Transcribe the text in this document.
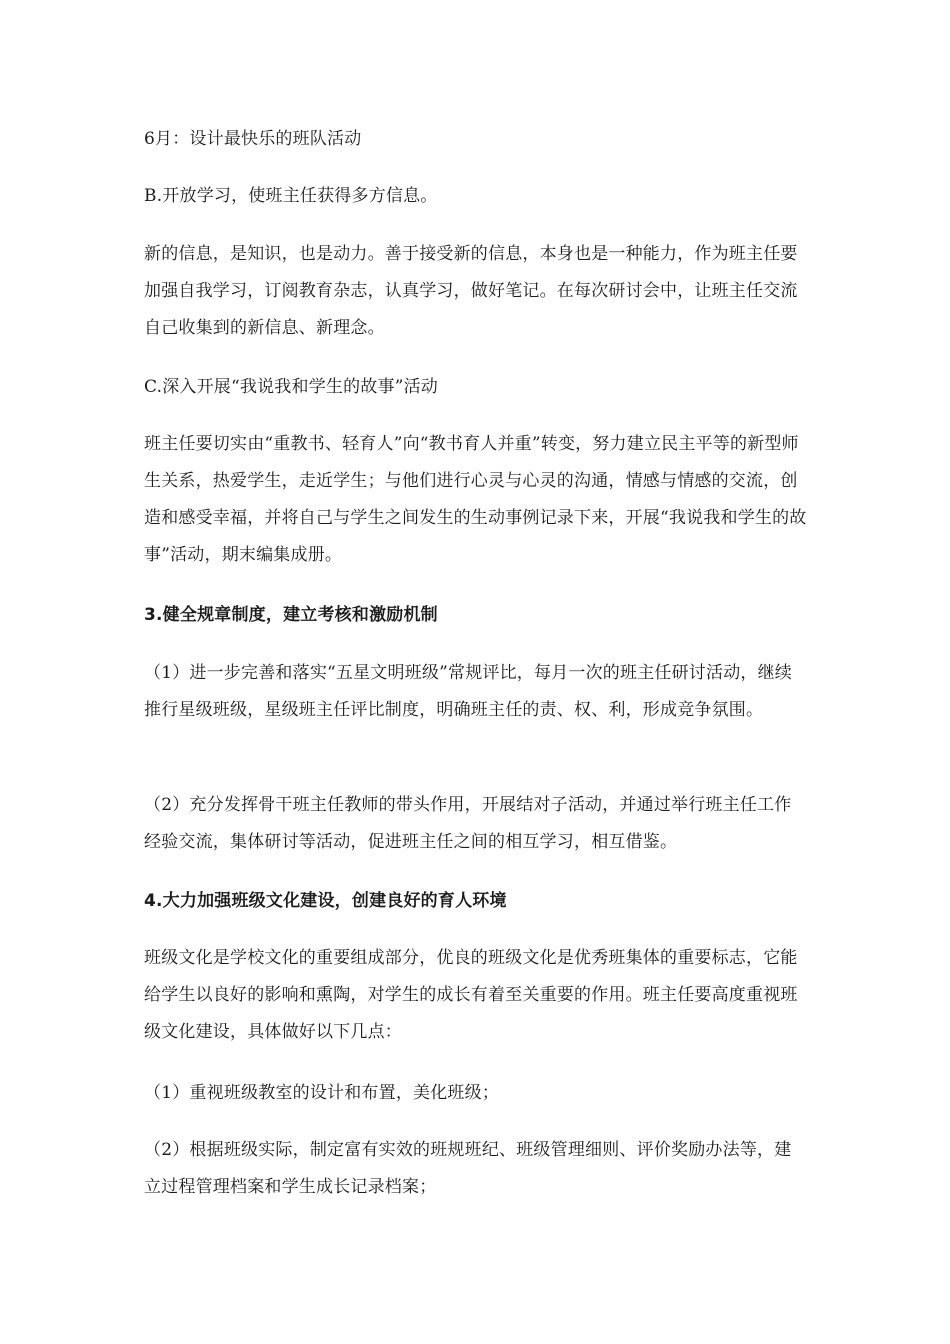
6月：设计最快乐的班队活动

B.开放学习，使班主任获得多方信息。

新的信息，是知识，也是动力。善于接受新的信息，本身也是一种能力，作为班主任要加强自我学习，订阅教育杂志，认真学习，做好笔记。在每次研讨会中，让班主任交流自己收集到的新信息、新理念。

C.深入开展“我说我和学生的故事”活动

班主任要切实由“重教书、轻育人”向“教书育人并重”转变，努力建立民主平等的新型师生关系，热爱学生，走近学生；与他们进行心灵与心灵的沟通，情感与情感的交流，创造和感受幸福，并将自己与学生之间发生的生动事例记录下来，开展“我说我和学生的故事”活动，期末编集成册。

3.健全规章制度，建立考核和激励机制

（1）进一步完善和落实“五星文明班级”常规评比，每月一次的班主任研讨活动，继续推行星级班级，星级班主任评比制度，明确班主任的责、权、利，形成竞争氛围。

（2）充分发挥骨干班主任教师的带头作用，开展结对子活动，并通过举行班主任工作经验交流，集体研讨等活动，促进班主任之间的相互学习，相互借鉴。

4.大力加强班级文化建设，创建良好的育人环境

班级文化是学校文化的重要组成部分，优良的班级文化是优秀班集体的重要标志，它能给学生以良好的影响和熏陶，对学生的成长有着至关重要的作用。班主任要高度重视班级文化建设，具体做好以下几点：

（1）重视班级教室的设计和布置，美化班级；

（2）根据班级实际，制定富有实效的班规班纪、班级管理细则、评价奖励办法等，建立过程管理档案和学生成长记录档案；
